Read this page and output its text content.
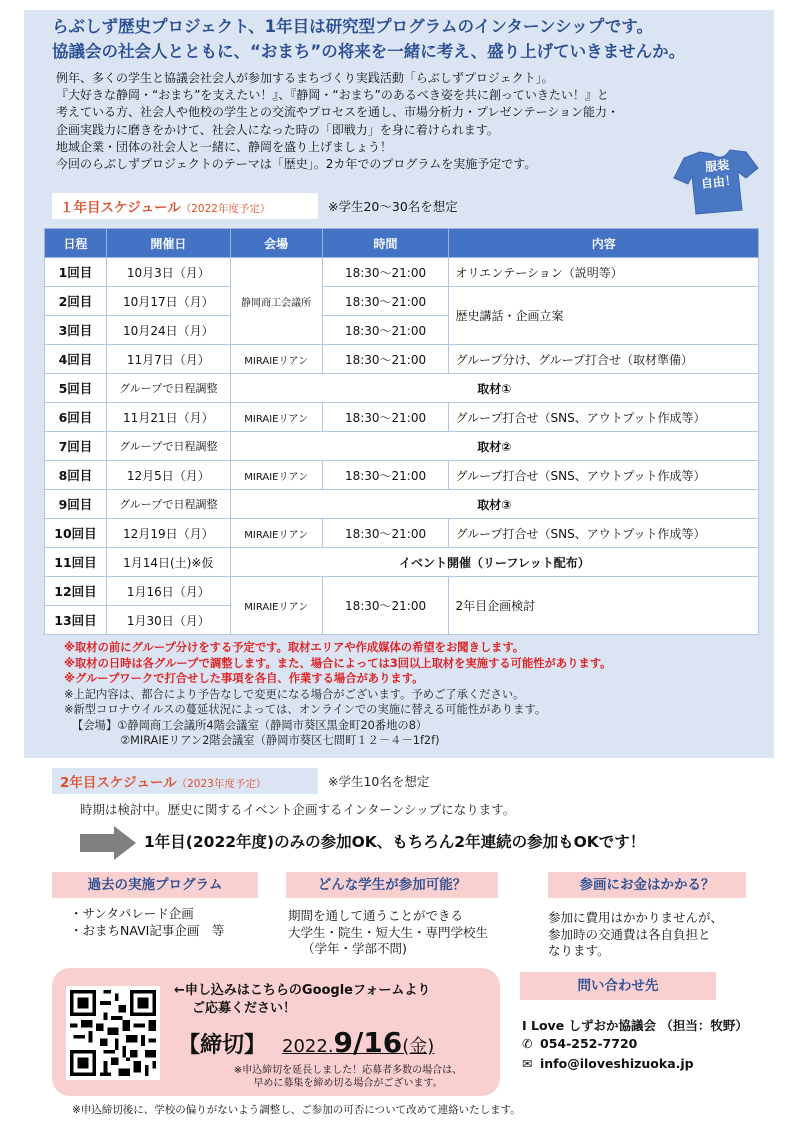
らぶしず歴史プロジェクト、1年目は研究型プログラムのインターンシップです。
協議会の社会人とともに、“おまち”の将来を一緒に考え、盛り上げていきませんか。

例年、多くの学生と協議会社会人が参加するまちづくり実践活動「らぶしずプロジェクト」。

『大好きな静岡・“おまち”を支えたい！』、『静岡・“おまち”のあるべき姿を共に創っていきたい！』と

考えている方、社会人や他校の学生との交流やプロセスを通し、市場分析力・プレゼンテーション能力・

企画実践力に磨きをかけて、社会人になった時の「即戦力」を身に着けられます。

地域企業・団体の社会人と一緒に、静岡を盛り上げましょう！

今回のらぶしずプロジェクトのテーマは「歴史」。2カ年でのプログラムを実施予定です。	服装
自由！
１年目スケジュール（2022年度予定）	※学生20～30名を想定
日程	開催日	会場	時間	内容
1回目	10月3日（月）	静岡商工会議所	18:30～21:00	オリエンテーション（説明等）
2回目	10月17日（月）		18:30～21:00	歴史講話・企画立案
3回目	10月24日（月）		18:30～21:00	
4回目	11月7日（月）	MIRAIEリアン	18:30～21:00	グループ分け、グループ打合せ（取材準備）
5回目	グループで日程調整	取材①		
6回目	11月21日（月）	MIRAIEリアン	18:30～21:00	グループ打合せ（SNS、アウトプット作成等）
7回目	グループで日程調整	取材②		
8回目	12月5日（月）	MIRAIEリアン	18:30～21:00	グループ打合せ（SNS、アウトプット作成等）
9回目	グループで日程調整	取材③		
10回目	12月19日（月）	MIRAIEリアン	18:30～21:00	グループ打合せ（SNS、アウトプット作成等）
11回目	1月14日(土)※仮	イベント開催（リーフレット配布）		
12回目	1月16日（月）	MIRAIEリアン	18:30～21:00	2年目企画検討
13回目	1月30日（月）			
※取材の前にグループ分けをする予定です。取材エリアや作成媒体の希望をお聞きします。
※取材の日時は各グループで調整します。また、場合によっては3回以上取材を実施する可能性があります。
※グループワークで打合せした事項を各自、作業する場合があります。
※上記内容は、都合により予告なしで変更になる場合がございます。予めご了承ください。
※新型コロナウイルスの蔓延状況によっては、オンラインでの実施に替える可能性があります。
【会場】①静岡商工会議所4階会議室（静岡市葵区黒金町20番地の8）
②MIRAIEリアン2階会議室（静岡市葵区七間町１２－４－1f2f)
2年目スケジュール（2023年度予定）	※学生10名を想定
時期は検討中。歴史に関するイベント企画するインターンシップになります。
1年目(2022年度)のみの参加OK、もちろん2年連続の参加もOKです！
過去の実施プログラム	どんな学生が参加可能？	参画にお金はかかる？
・サンタパレード企画
・おまちNAVI記事企画　等
期間を通して通うことができる
大学生・院生・短大生・専門学校生
（学年・学部不問)
参加に費用はかかりませんが、
参加時の交通費は各自負担と
なります。
←申し込みはこちらのGoogleフォームより
ご応募ください！
【締切】 2022.9/16(金)
※申込締切を延長しました！応募者多数の場合は、
早めに募集を締め切る場合がございます。
問い合わせ先
I Love しずおか協議会 （担当：牧野）
✆ 054-252-7720
✉ info@iloveshizuoka.jp
※申込締切後に、学校の偏りがないよう調整し、ご参加の可否について改めて連絡いたします。
